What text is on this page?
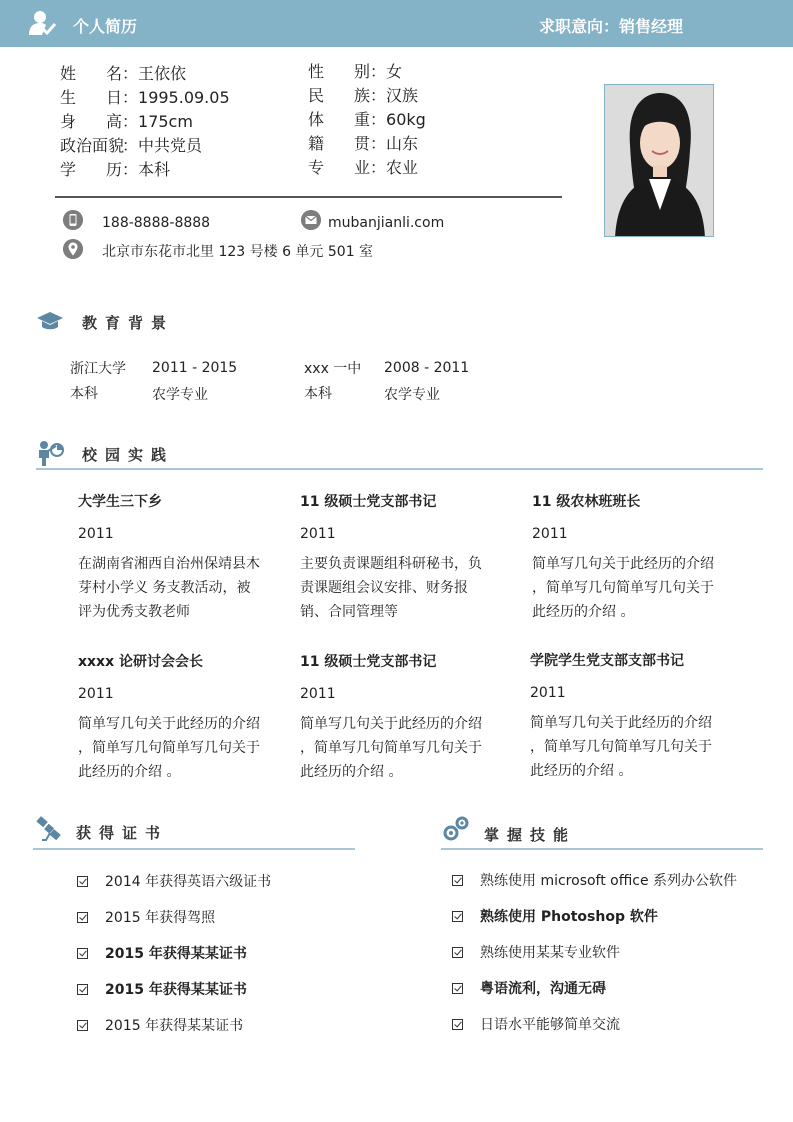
个人简历	求职意向 ： 销售经理
姓名 ： 王依依
生日 ： 1995.09.05
身高 ： 175cm
政治面貌 ： 中共党员
学历 ： 本科
性别 ： 女
民族 ： 汉族
体重 ： 60kg
籍贯 ： 山东
专业 ： 农业
188-8888-8888	mubanjianli.com
北京市东花市北里 123 号楼 6 单元 501 室
教育背景
浙江大学 2011 - 2015
本科	农学专业
xxx 一中 2008 - 2011
本科	农学专业
校园实践
大学生三下乡
2011
在湖南省湘西自治州保靖县木芽村小学义 务支教活动，被评为优秀支教老师
11 级硕士党支部书记
2011
主要负责课题组科研秘书，负责课题组会议安排、财务报销、合同管理等
11 级农林班班长
2011
简单写几句关于此经历的介绍 ，简单写几句简单写几句关于此经历的介绍 。
xxxx 论研讨会会长
2011
简单写几句关于此经历的介绍 ，简单写几句简单写几句关于此经历的介绍 。
11 级硕士党支部书记
2011
简单写几句关于此经历的介绍 ，简单写几句简单写几句关于此经历的介绍 。
学院学生党支部支部书记
2011
简单写几句关于此经历的介绍 ，简单写几句简单写几句关于此经历的介绍 。
获得证书
2014 年获得英语六级证书
2015 年获得驾照
2015 年获得某某证书
2015 年获得某某证书
2015 年获得某某证书
掌握技能
熟练使用 microsoft office 系列办公软件
熟练使用 Photoshop 软件
熟练使用某某专业软件
粤语流利，沟通无碍
日语水平能够简单交流
